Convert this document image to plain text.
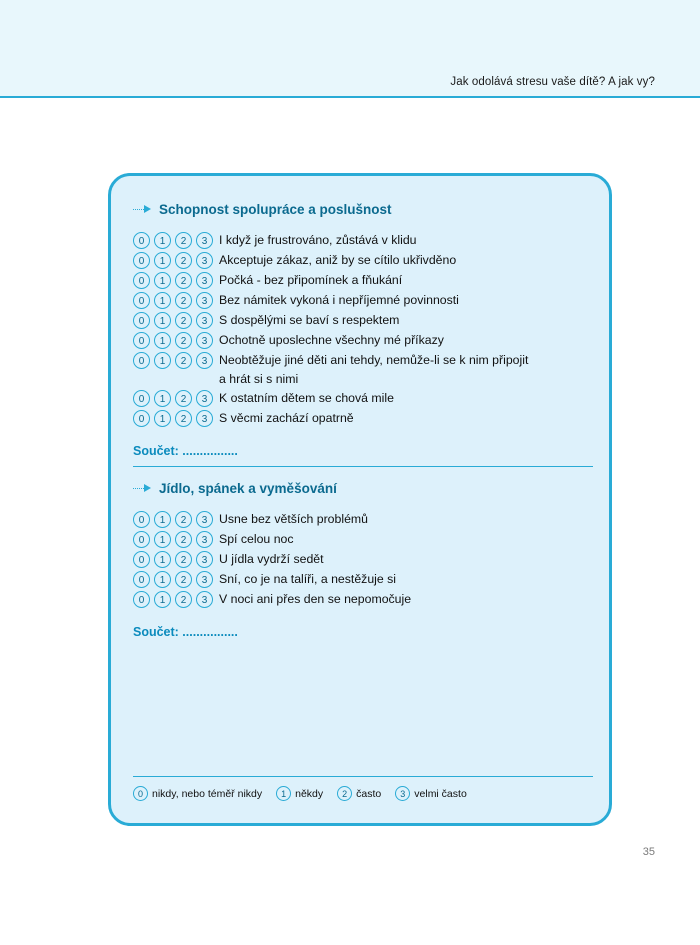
Jak odolává stresu vaše dítě? A jak vy?
Schopnost spolupráce a poslušnost
0	1	2	3 I když je frustrováno, zůstává v klidu
0	1	2	3 Akceptuje zákaz, aniž by se cítilo ukřivděno
0	1	2	3 Počká - bez připomínek a fňukání
0	1	2	3 Bez námitek vykoná i nepříjemné povinnosti
0	1	2	3 S dospělými se baví s respektem
0	1	2	3 Ochotně uposlechne všechny mé příkazy
0	1	2	3 Neobtěžuje jiné děti ani tehdy, nemůže-li se k nim připojit
a hrát si s nimi
0	1	2	3 K ostatním dětem se chová mile
0	1	2	3 S věcmi zachází opatrně
Součet: ................
Jídlo, spánek a vyměšování
0	1	2	3 Usne bez větších problémů
0	1	2	3 Spí celou noc
0	1	2	3 U jídla vydrží sedět
0	1	2	3 Sní, co je na talíři, a nestěžuje si
0	1	2	3 V noci ani přes den se nepomočuje
Součet: ................
0 nikdy, nebo téměř nikdy	1 někdy	2 často	3 velmi často
35
